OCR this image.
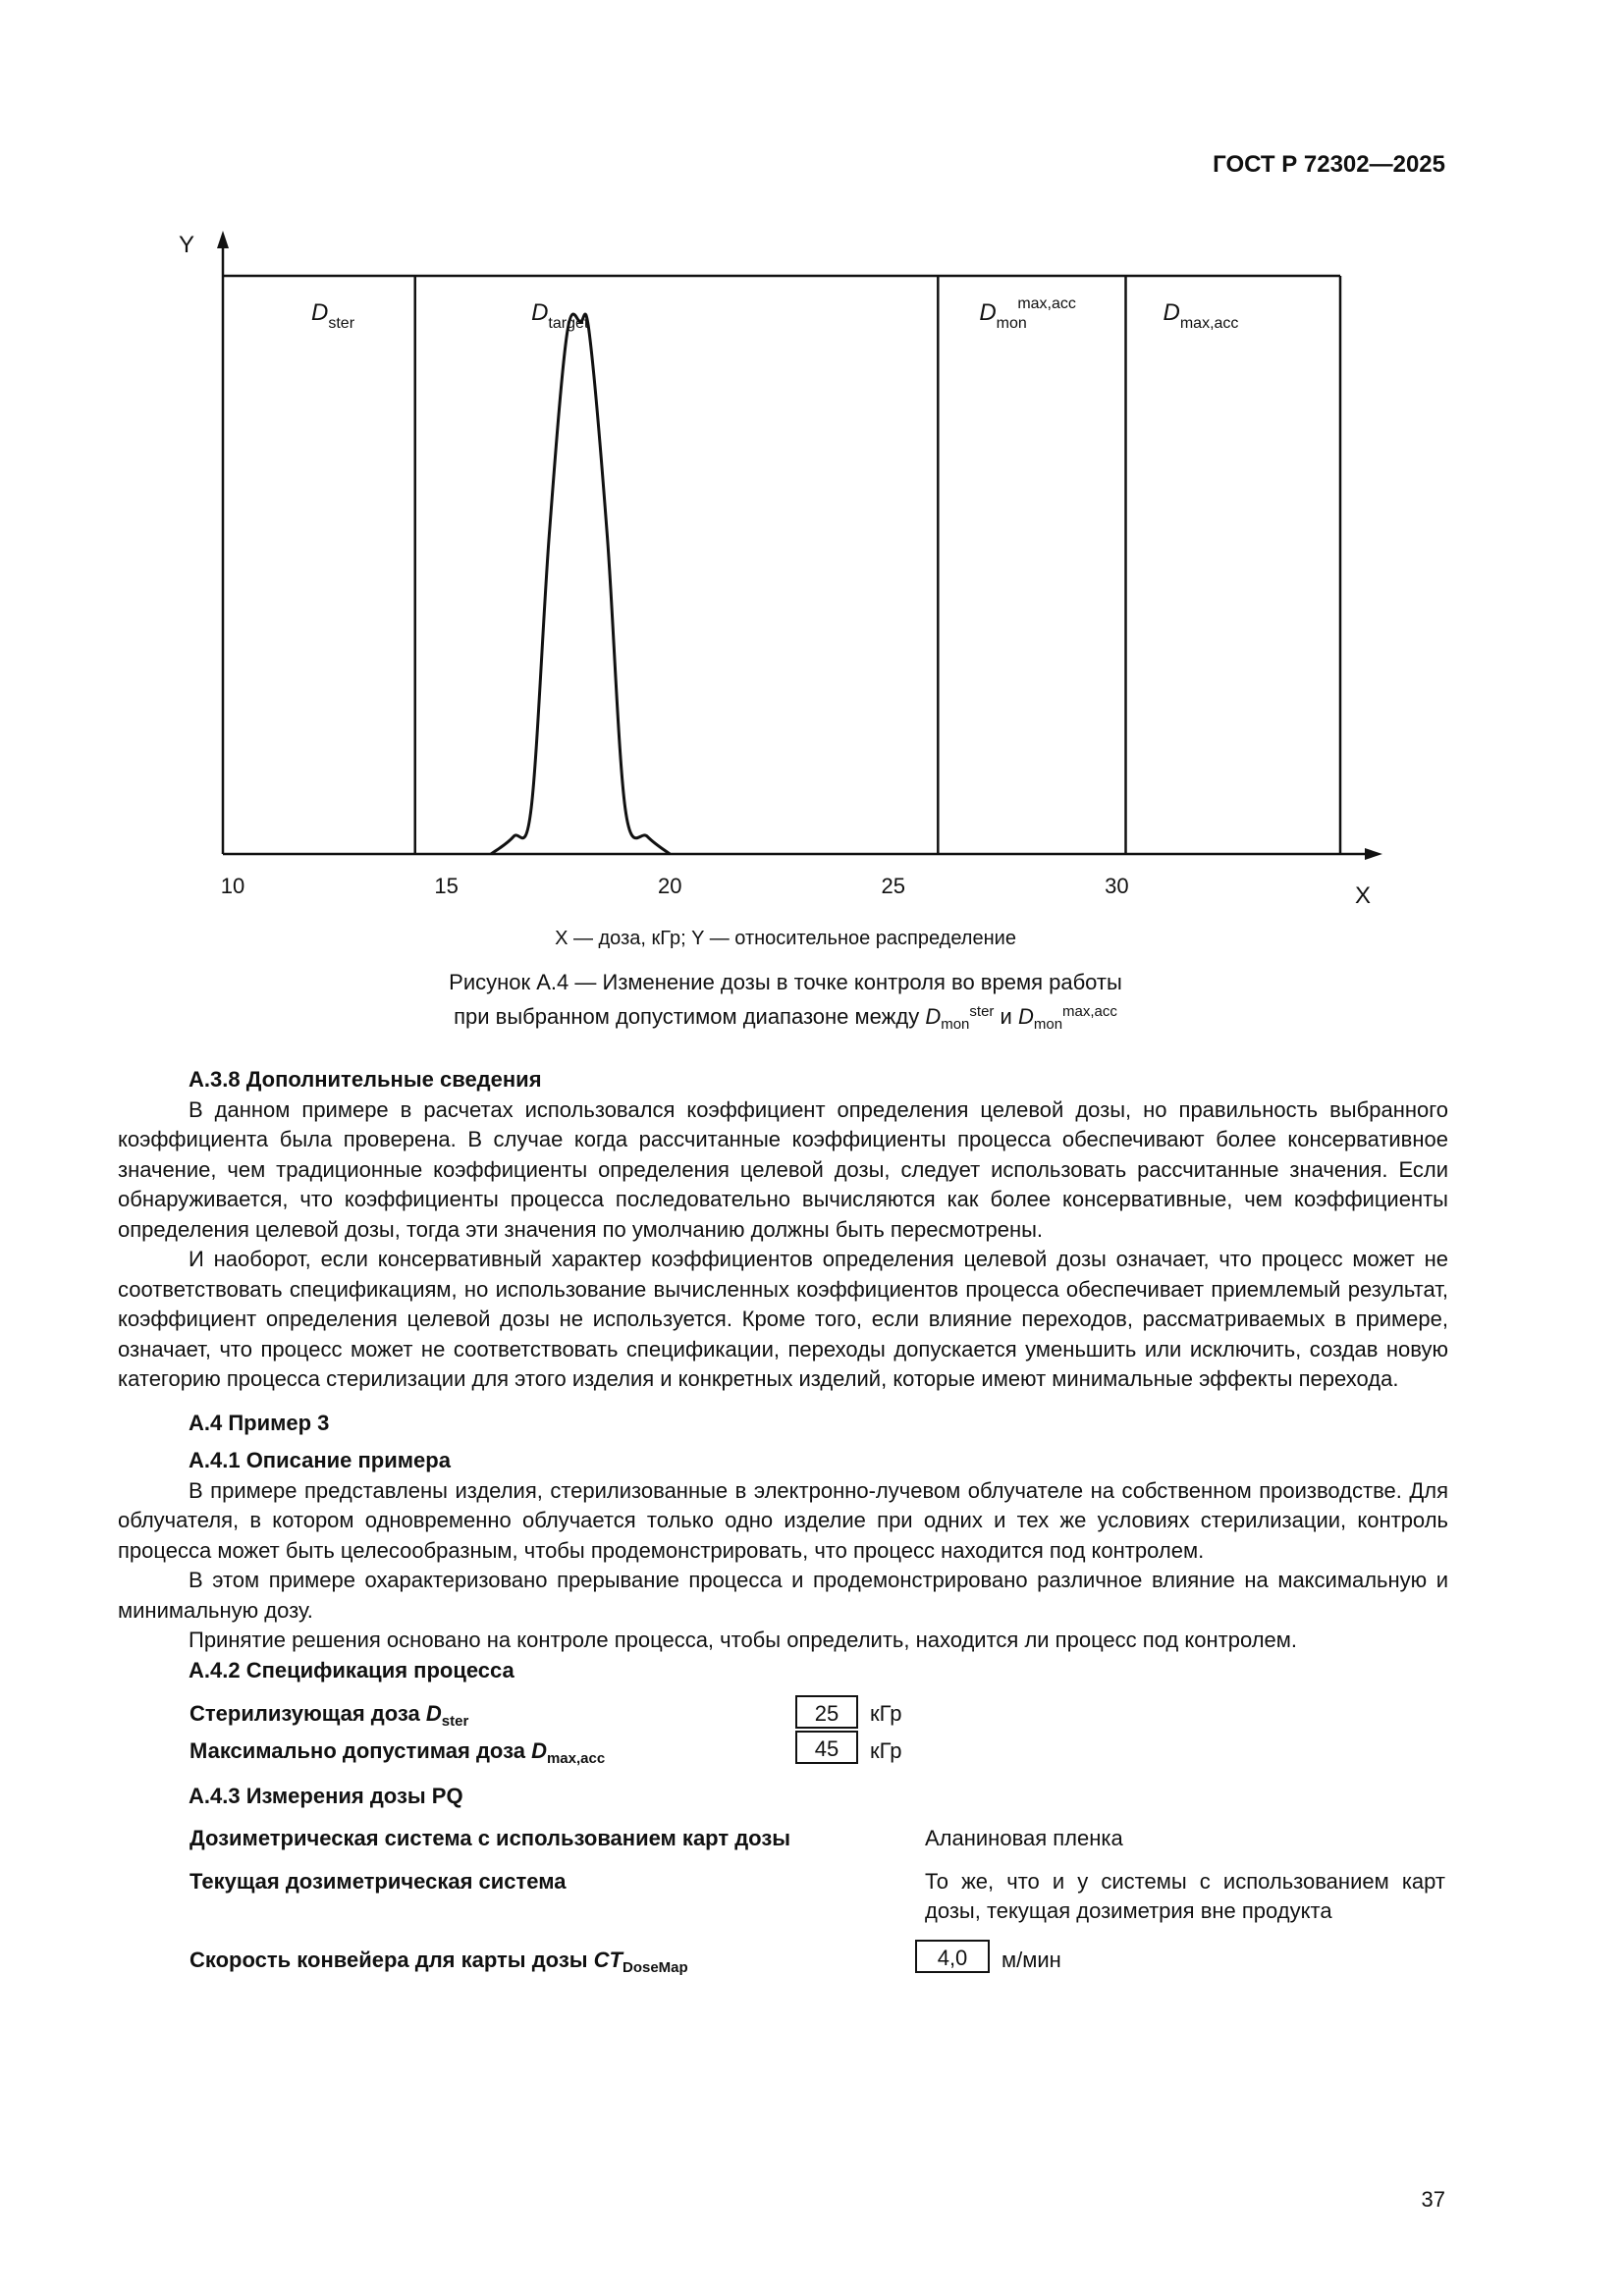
ГОСТ Р 72302—2025
Y
X
10	15	20	25	30
$D_{ster}$	$D_{mon}$
max,acc	$D_{max,acc}$
$D_{target}$
X — доза, кГр; Y — относительное распределение
Рисунок А.4 — Изменение дозы в точке контроля во время работы
при выбранном допустимом диапазоне между $D_{mon}^{ster}$ и $D_{mon}^{max,acc}$
А.3.8 Дополнительные сведения

В данном примере в расчетах использовался коэффициент определения целевой дозы, но правильность выбранного коэффициента была проверена. В случае когда рассчитанные коэффициенты процесса обеспечивают более консервативное значение, чем традиционные коэффициенты определения целевой дозы, следует использовать рассчитанные значения. Если обнаруживается, что коэффициенты процесса последовательно вычисляются как более консервативные, чем коэффициенты определения целевой дозы, тогда эти значения по умолчанию должны быть пересмотрены.

И наоборот, если консервативный характер коэффициентов определения целевой дозы означает, что процесс может не соответствовать спецификациям, но использование вычисленных коэффициентов процесса обеспечивает приемлемый результат, коэффициент определения целевой дозы не используется. Кроме того, если влияние переходов, рассматриваемых в примере, означает, что процесс может не соответствовать спецификации, переходы допускается уменьшить или исключить, создав новую категорию процесса стерилизации для этого изделия и конкретных изделий, которые имеют минимальные эффекты перехода.

А.4 Пример 3
А.4.1 Описание примера

В примере представлены изделия, стерилизованные в электронно-лучевом облучателе на собственном производстве. Для облучателя, в котором одновременно облучается только одно изделие при одних и тех же условиях стерилизации, контроль процесса может быть целесообразным, чтобы продемонстрировать, что процесс находится под контролем.

В этом примере охарактеризовано прерывание процесса и продемонстрировано различное влияние на максимальную и минимальную дозу.

Принятие решения основано на контроле процесса, чтобы определить, находится ли процесс под контролем.

А.4.2 Спецификация процесса
Стерилизующая доза $D_{ster}$	25	кГр
Максимально допустимая доза $D_{max,acc}$	45	кГр
А.4.3 Измерения дозы PQ
Дозиметрическая система с использованием карт дозы	Аланиновая пленка
Текущая дозиметрическая система	То же, что и у системы с использованием карт дозы, текущая дозиметрия вне продукта
Скорость конвейера для карты дозы $CT_{DoseMap}$	4,0	м/мин
37
